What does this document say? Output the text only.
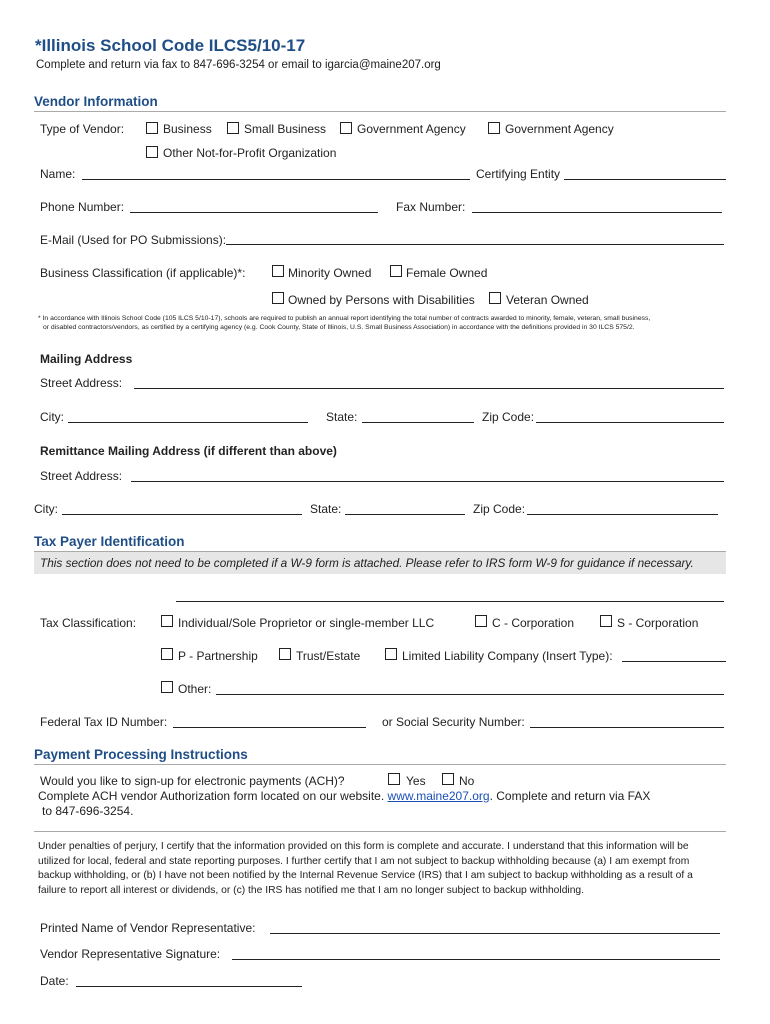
*Illinois School Code ILCS5/10-17
Complete and return via fax to 847-696-3254 or email to igarcia@maine207.org
Vendor Information
Type of Vendor:	Business	Small Business	Government Agency	Government Agency
Other Not-for-Profit Organization
Name:	Certifying Entity
Phone Number:	Fax Number:
E-Mail (Used for PO Submissions):
Business Classification (if applicable)*:	Minority Owned	Female Owned
Owned by Persons with Disabilities	Veteran Owned
* In accordance with Illinois School Code (105 ILCS 5/10-17), schools are required to publish an annual report identifying the total number of contracts awarded to minority, female, veteran, small business,
or disabled contractors/vendors, as certified by a certifying agency (e.g. Cook County, State of Illinois, U.S. Small Business Association) in accordance with the definitions provided in 30 ILCS 575/2.
Mailing Address
Street Address:
City:	State:	Zip Code:
Remittance Mailing Address (if different than above)
Street Address:
City:	State:	Zip Code:
Tax Payer Identification
This section does not need to be completed if a W-9 form is attached. Please refer to IRS form W-9 for guidance if necessary.
Tax Classification:	Individual/Sole Proprietor or single-member LLC	C - Corporation	S - Corporation
P - Partnership	Trust/Estate	Limited Liability Company (Insert Type):
Other:
Federal Tax ID Number:	or Social Security Number:
Payment Processing Instructions
Would you like to sign-up for electronic payments (ACH)?	Yes	No
Complete ACH vendor Authorization form located on our website. www.maine207.org. Complete and return via FAX
to 847-696-3254.
Under penalties of perjury, I certify that the information provided on this form is complete and accurate. I understand that this information will be utilized for local, federal and state reporting purposes. I further certify that I am not subject to backup withholding because (a) I am exempt from backup withholding, or (b) I have not been notified by the Internal Revenue Service (IRS) that I am subject to backup withholding as a result of a failure to report all interest or dividends, or (c) the IRS has notified me that I am no longer subject to backup withholding.
Printed Name of Vendor Representative:
Vendor Representative Signature:
Date:
